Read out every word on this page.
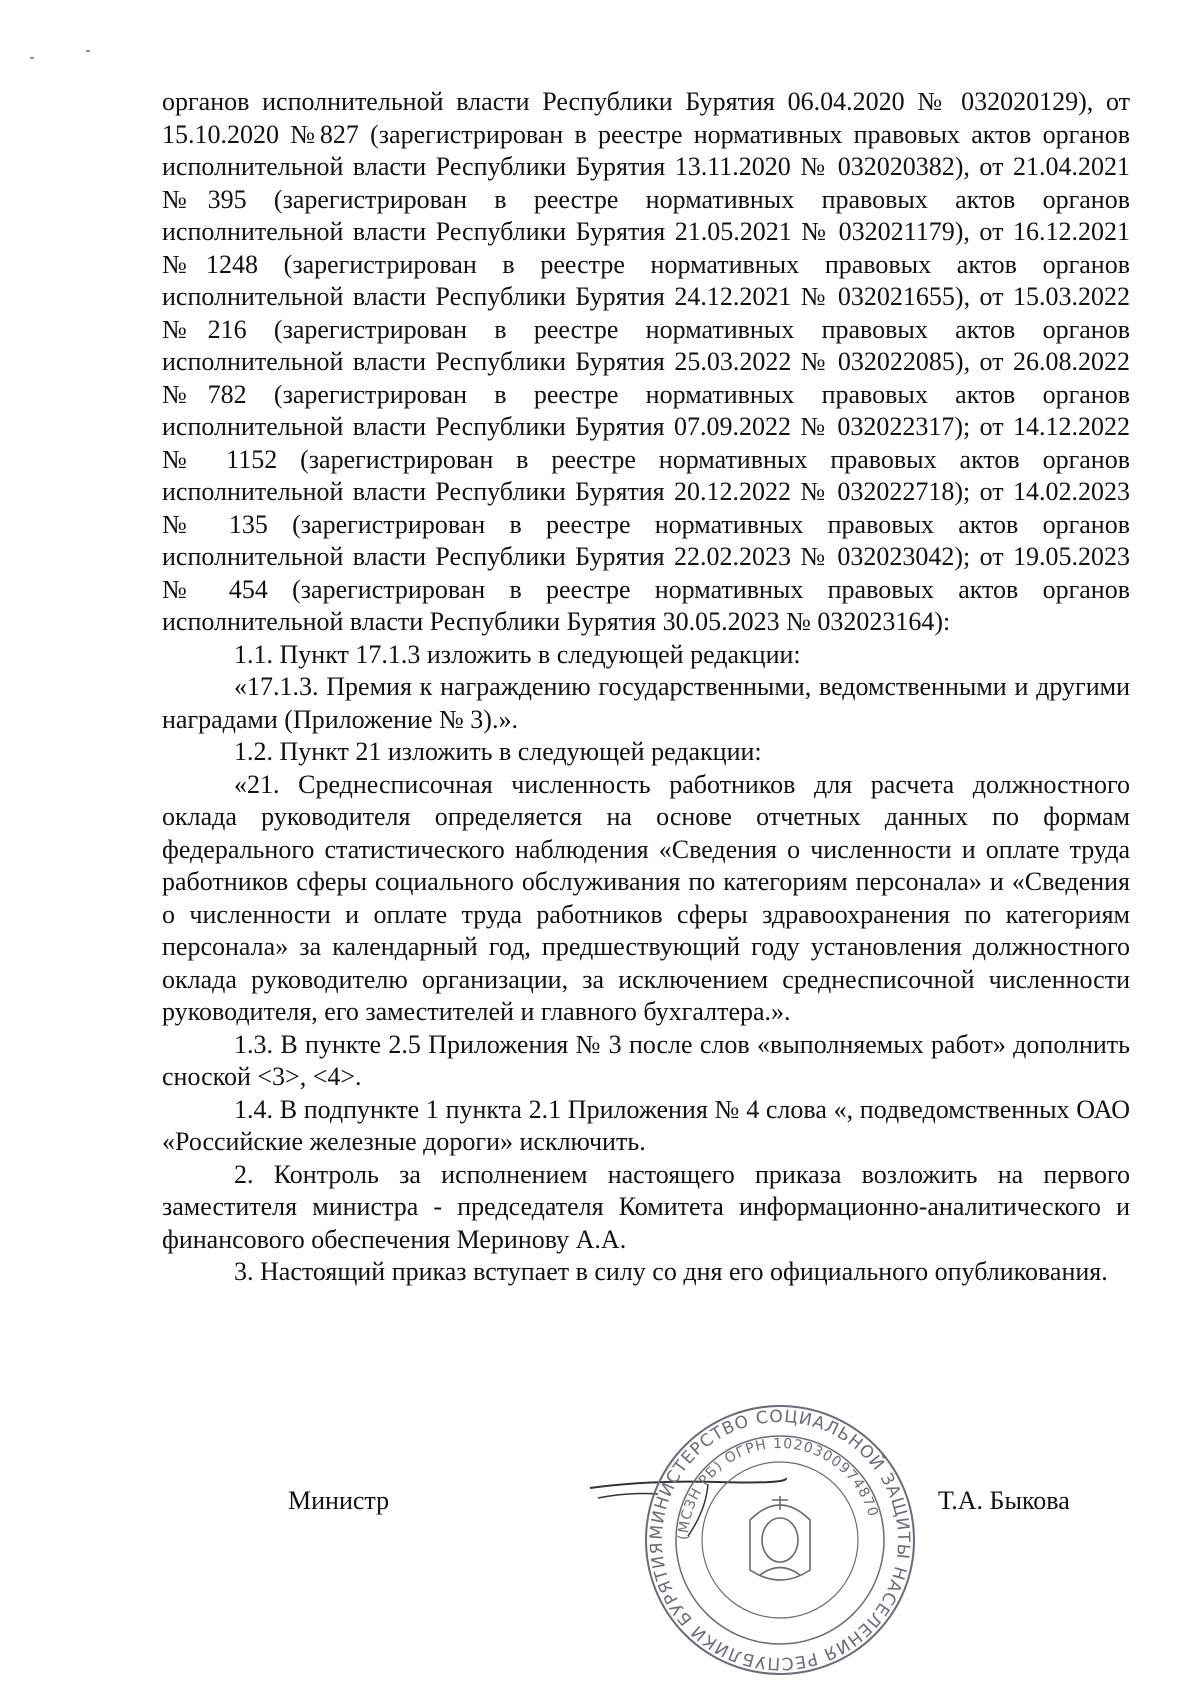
органов исполнительной власти Республики Бурятия 06.04.2020 № 032020129), от 15.10.2020 №827 (зарегистрирован в реестре нормативных правовых актов органов исполнительной власти Республики Бурятия 13.11.2020 № 032020382), от 21.04.2021 №395 (зарегистрирован в реестре нормативных правовых актов органов исполнительной власти Республики Бурятия 21.05.2021 № 032021179), от 16.12.2021 №1248 (зарегистрирован в реестре нормативных правовых актов органов исполнительной власти Республики Бурятия 24.12.2021 № 032021655), от 15.03.2022 №216 (зарегистрирован в реестре нормативных правовых актов органов исполнительной власти Республики Бурятия 25.03.2022 № 032022085), от 26.08.2022 №782 (зарегистрирован в реестре нормативных правовых актов органов исполнительной власти Республики Бурятия 07.09.2022 № 032022317); от 14.12.2022 № 1152 (зарегистрирован в реестре нормативных правовых актов органов исполнительной власти Республики Бурятия 20.12.2022 № 032022718); от 14.02.2023 № 135 (зарегистрирован в реестре нормативных правовых актов органов исполнительной власти Республики Бурятия 22.02.2023 № 032023042); от 19.05.2023 № 454 (зарегистрирован в реестре нормативных правовых актов органов исполнительной власти Республики Бурятия 30.05.2023 № 032023164):

1.1. Пункт 17.1.3 изложить в следующей редакции:

«17.1.3. Премия к награждению государственными, ведомственными и другими наградами (Приложение № 3).».

1.2. Пункт 21 изложить в следующей редакции:

«21. Среднесписочная численность работников для расчета должностного оклада руководителя определяется на основе отчетных данных по формам федерального статистического наблюдения «Сведения о численности и оплате труда работников сферы социального обслуживания по категориям персонала» и «Сведения о численности и оплате труда работников сферы здравоохранения по категориям персонала» за календарный год, предшествующий году установления должностного оклада руководителю организации, за исключением среднесписочной численности руководителя, его заместителей и главного бухгалтера.».

1.3. В пункте 2.5 Приложения № 3 после слов «выполняемых работ» дополнить сноской <3>, <4>.

1.4. В подпункте 1 пункта 2.1 Приложения № 4 слова «, подведомственных ОАО «Российские железные дороги» исключить.

2. Контроль за исполнением настоящего приказа возложить на первого заместителя министра - председателя Комитета информационно-аналитического и финансового обеспечения Меринову А.А.

3. Настоящий приказ вступает в силу со дня его официального опубликования.

Министр
МИНИСТЕРСТВО СОЦИАЛЬНОЙ ЗАЩИТЫ НАСЕЛЕНИЯ РЕСПУБЛИКИ БУРЯТИЯ
(МСЗН РБ) ОГРН 1020300974870 Т.А. Быкова
